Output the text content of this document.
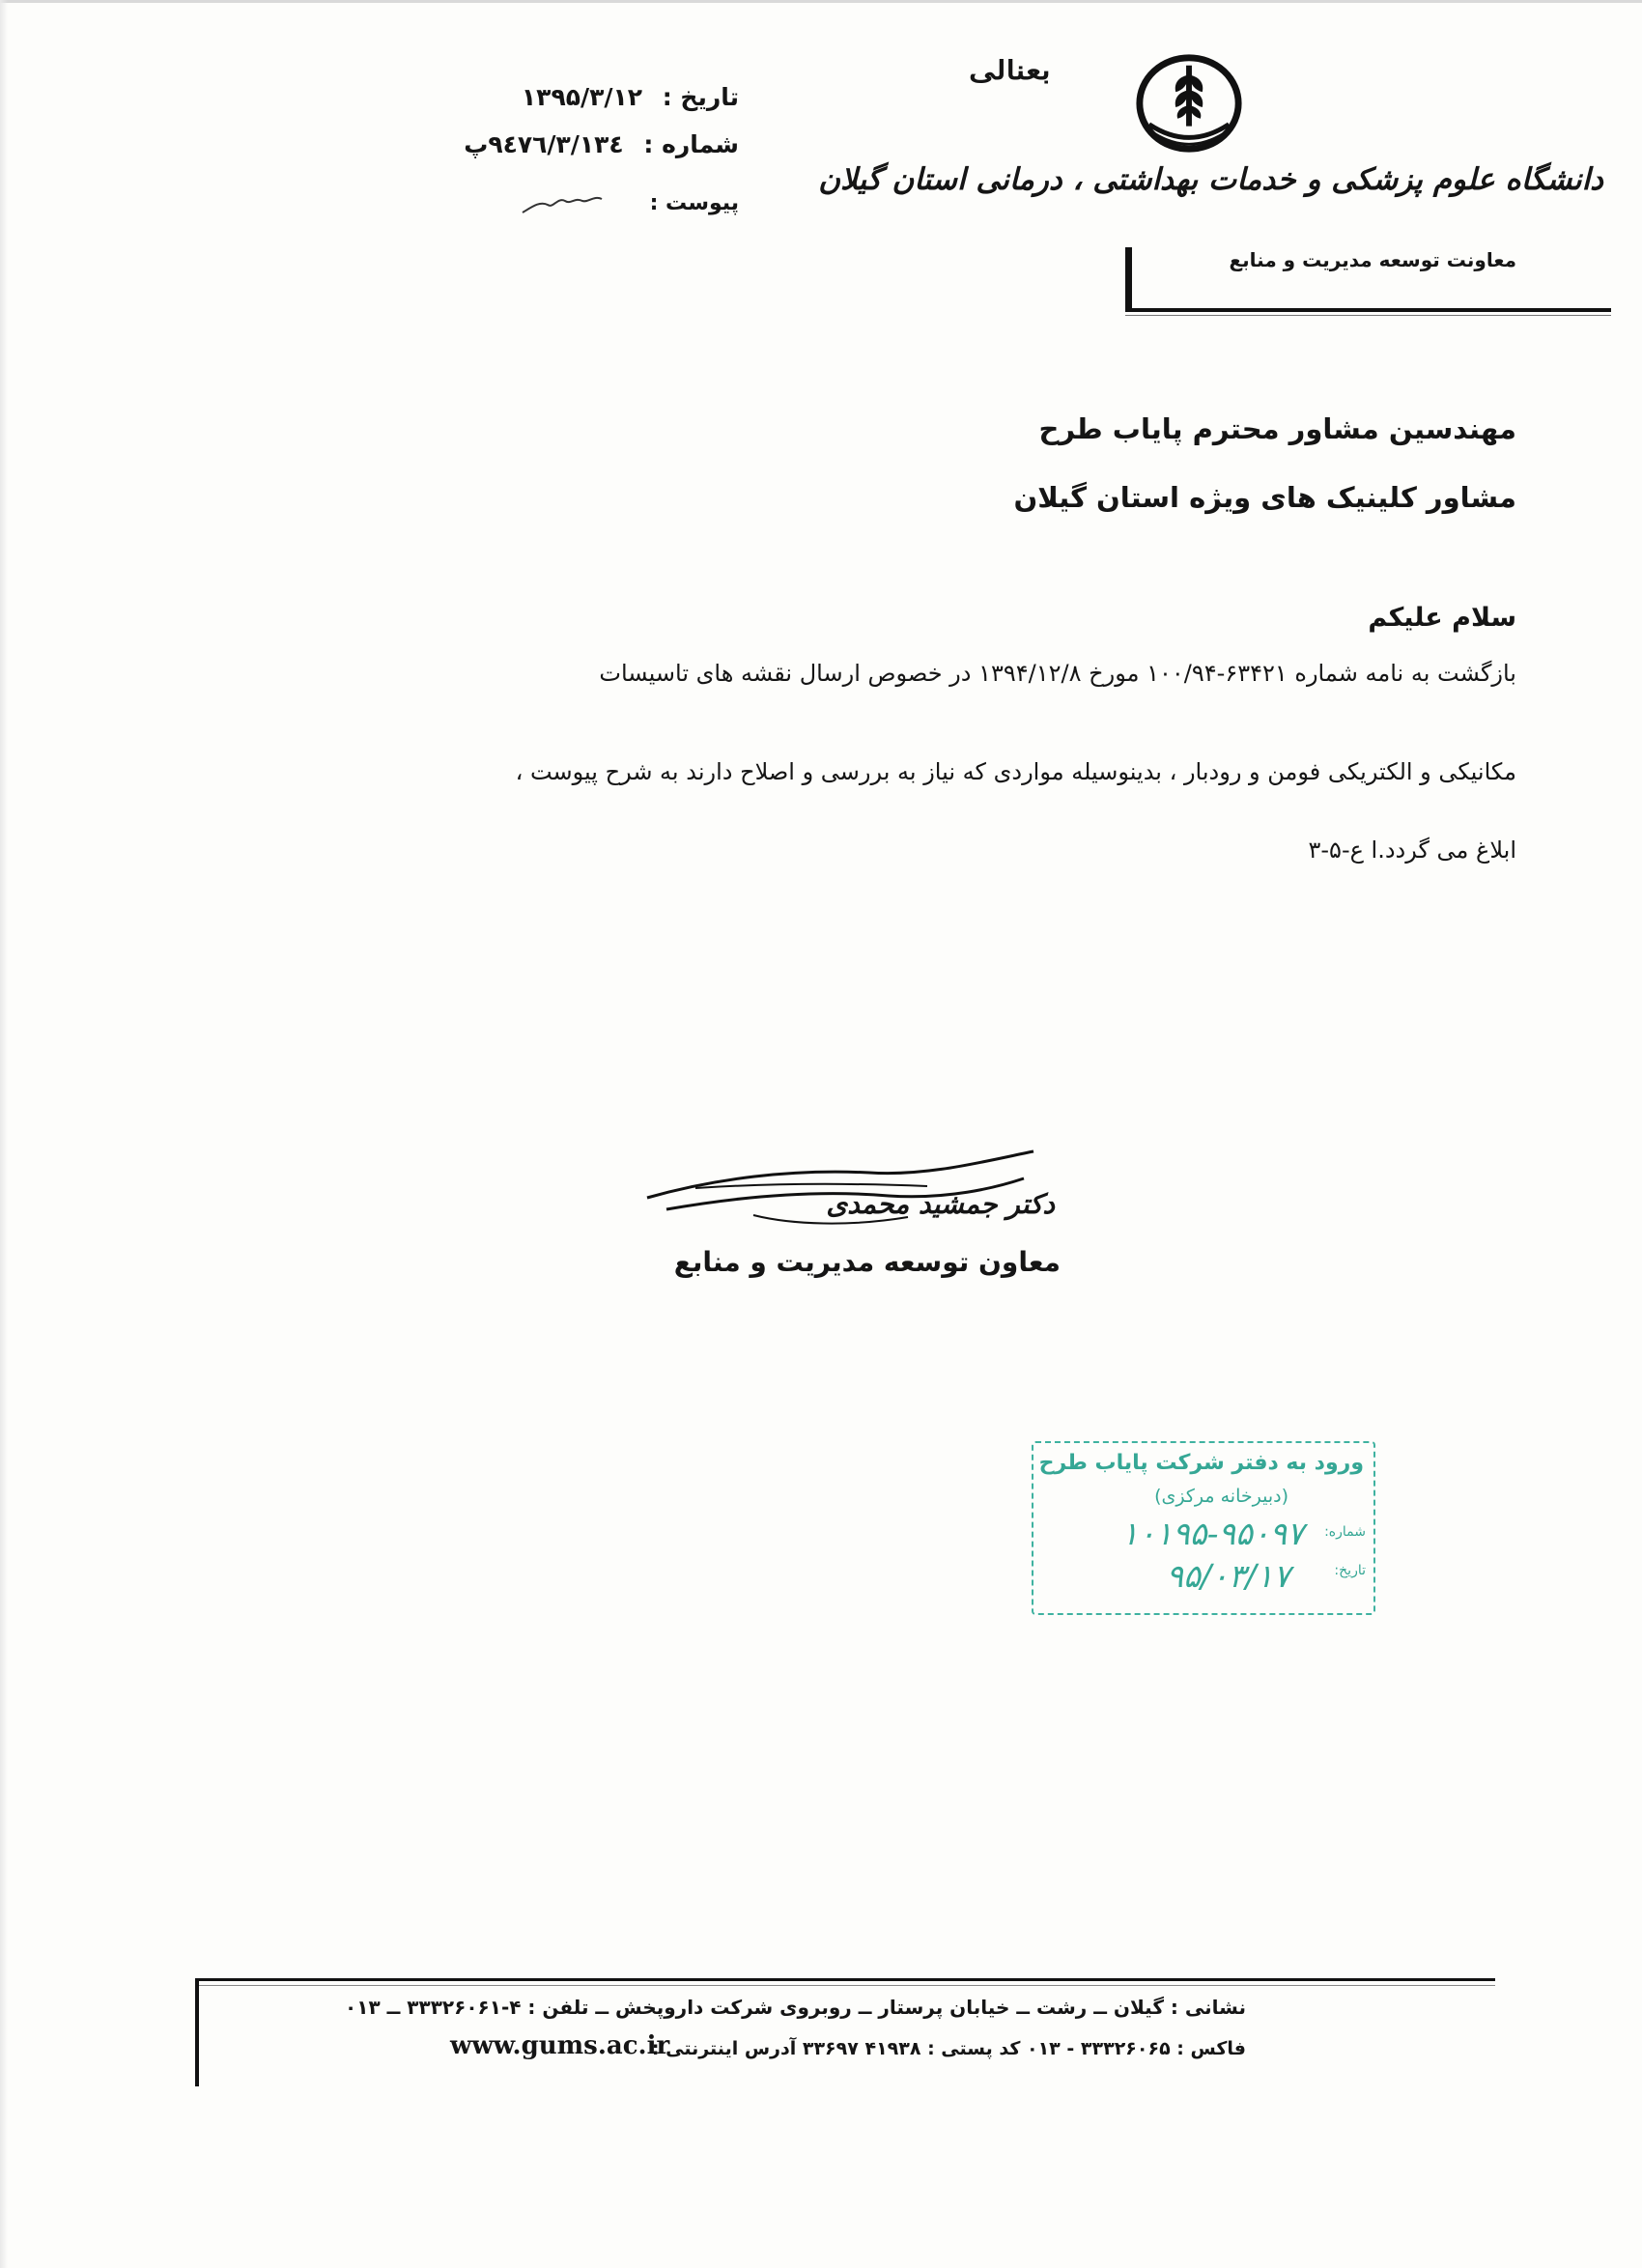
بعنالی
دانشگاه علوم پزشکی و خدمات بهداشتی ، درمانی استان گیلان
معاونت توسعه مدیریت و منابع
تاریخ : ۱۳۹۵/۳/۱۲
شماره : ۳/۱۳٤/۹٤۷٦پ
پیوست :
مهندسین مشاور محترم پایاب طرح
مشاور کلینیک های ویژه استان گیلان
سلام علیکم
بازگشت به نامه شماره ۶۳۴۲۱-۱۰۰/۹۴ مورخ ۱۳۹۴/۱۲/۸ در خصوص ارسال نقشه های تاسیسات
مکانیکی و الکتریکی فومن و رودبار ، بدینوسیله مواردی که نیاز به بررسی و اصلاح دارند به شرح پیوست ،
ابلاغ می گردد.ا ع-۵-۳
دکتر جمشید محمدی
معاون توسعه مدیریت و منابع
ورود به دفتر شرکت پایاب طرح
(دبیرخانه مرکزی)
شماره:
۱۰۱۹۵-۹۵۰۹۷
تاریخ:
۹۵/۰۳/۱۷
نشانی : گیلان ــ رشت ــ خیابان پرستار ــ روبروی شرکت داروپخش ــ تلفن : ۴-۳۳۳۲۶۰۶۱ ــ ۰۱۳
فاکس : ۳۳۳۲۶۰۶۵ - ۰۱۳ کد پستی : ۴۱۹۳۸ ۳۳۶۹۷ آدرس اینترنتی :
www.gums.ac.ir
